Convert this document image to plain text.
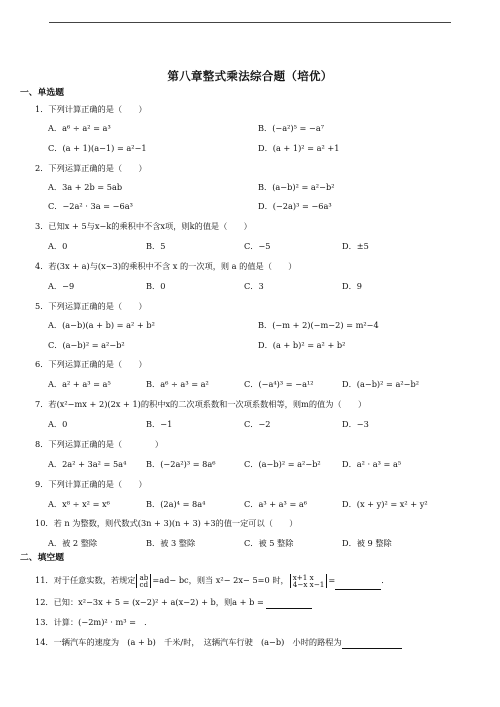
第八章整式乘法综合题（培优）
一、单选题
1．下列计算正确的是（　　）
A．a⁶ ÷ a² = a³	B．(−a²)⁵ = −a⁷
C．(a + 1)(a−1) = a²−1	D．(a + 1)² = a² +1
2．下列运算正确的是（　　）
A．3a + 2b = 5ab	B．(a−b)² = a²−b²
C．−2a² · 3a = −6a³	D．(−2a)³ = −6a³
3．已知x + 5与x−k的乘积中不含x项，则k的值是（　　）
A．0	B．5	C．−5	D．±5
4．若(3x + a)与(x−3)的乘积中不含 x 的一次项，则 a 的值是（　　）
A．−9	B．0	C．3	D．9
5．下列运算正确的是（　　）
A．(a−b)(a + b) = a² + b²	B．(−m + 2)(−m−2) = m²−4
C．(a−b)² = a²−b²	D．(a + b)² = a² + b²
6．下列运算正确的是（　　）
A．a² + a³ = a⁵	B．a⁶ ÷ a³ = a²	C．(−a⁴)³ = −a¹²	D．(a−b)² = a²−b²
7．若(x²−mx + 2)(2x + 1)的积中x的二次项系数和一次项系数相等，则m的值为（　　）
A．0	B．−1	C．−2	D．−3
8．下列运算正确的是（　　　　）
A．2a² + 3a² = 5a⁴ B．(−2a²)³ = 8a⁶	C．(a−b)² = a²−b²	D．a² · a³ = a⁵
9．下列计算正确的是（　　）
A．x⁸ ÷ x² = x⁶	B．(2a)⁴ = 8a⁴	C．a³ + a³ = a⁶	D．(x + y)² = x² + y²
10．若 n 为整数，则代数式(3n + 3)(n + 3) +3的值一定可以（　　）
A．被 2 整除	B．被 3 整除	C．被 5 整除	D．被 9 整除
二、填空题
11．对于任意实数，若规定 ab
cd =ad− bc，则当 x²− 2x− 5=0 时， x+1 x
4−x x−1 =	．
12．已知：x²−3x + 5 = (x−2)² + a(x−2) + b，则a + b =
13．计算：(−2m)² · m³ =　．
14．一辆汽车的速度为　(a + b)　千米/时，　这辆汽车行驶　(a−b)　小时的路程为
